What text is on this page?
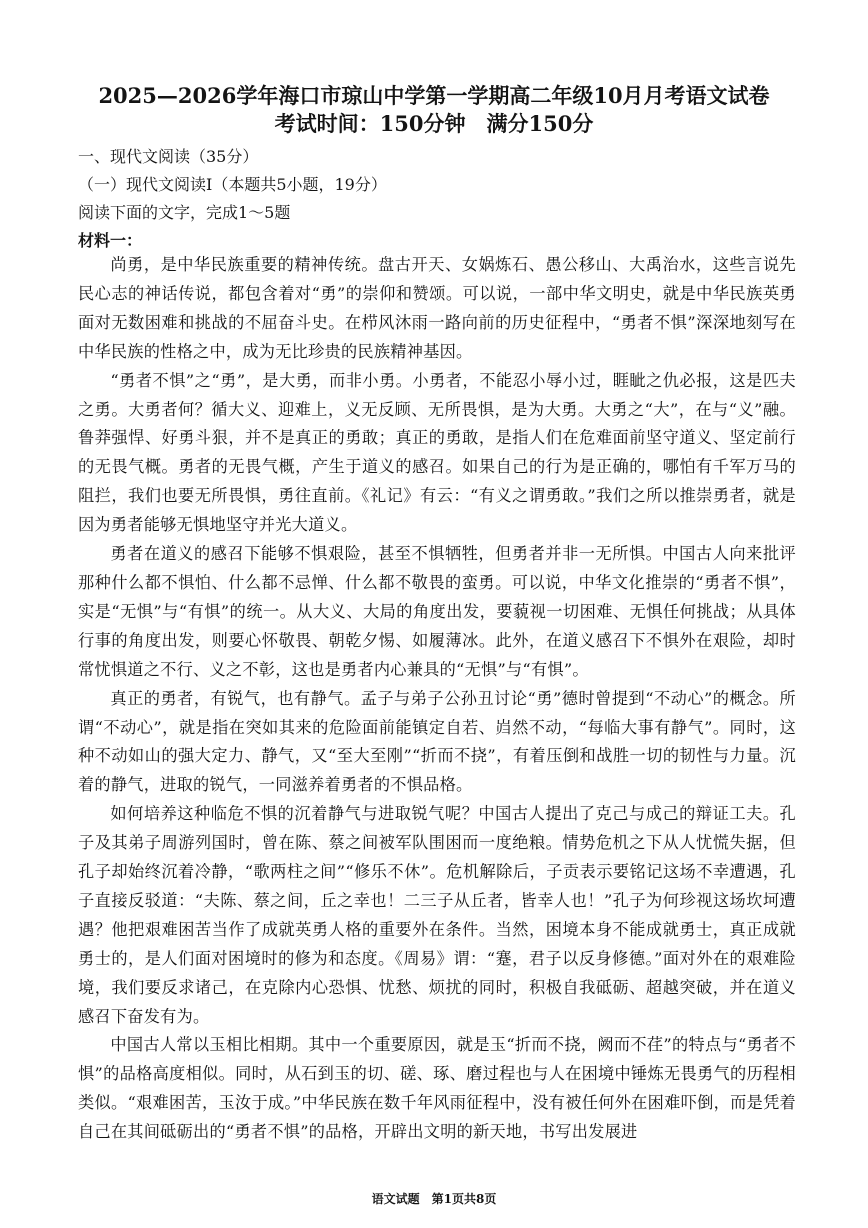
2025—2026学年海口市琼山中学第一学期高二年级10月月考语文试卷
考试时间：150分钟　满分150分
一、现代文阅读（35分）
（一）现代文阅读Ⅰ（本题共5小题，19分）
阅读下面的文字，完成1～5题
材料一：

尚勇，是中华民族重要的精神传统。盘古开天、女娲炼石、愚公移山、大禹治水，这些言说先民心志的神话传说，都包含着对“勇”的崇仰和赞颂。可以说，一部中华文明史，就是中华民族英勇面对无数困难和挑战的不屈奋斗史。在栉风沐雨一路向前的历史征程中，“勇者不惧”深深地刻写在中华民族的性格之中，成为无比珍贵的民族精神基因。

“勇者不惧”之“勇”，是大勇，而非小勇。小勇者，不能忍小辱小过，睚眦之仇必报，这是匹夫之勇。大勇者何？循大义、迎难上，义无反顾、无所畏惧，是为大勇。大勇之“大”，在与“义”融。鲁莽强悍、好勇斗狠，并不是真正的勇敢；真正的勇敢，是指人们在危难面前坚守道义、坚定前行的无畏气概。勇者的无畏气概，产生于道义的感召。如果自己的行为是正确的，哪怕有千军万马的阻拦，我们也要无所畏惧，勇往直前。《礼记》有云：“有义之谓勇敢。”我们之所以推崇勇者，就是因为勇者能够无惧地坚守并光大道义。

勇者在道义的感召下能够不惧艰险，甚至不惧牺牲，但勇者并非一无所惧。中国古人向来批评那种什么都不惧怕、什么都不忌惮、什么都不敬畏的蛮勇。可以说，中华文化推崇的“勇者不惧”，实是“无惧”与“有惧”的统一。从大义、大局的角度出发，要藐视一切困难、无惧任何挑战；从具体行事的角度出发，则要心怀敬畏、朝乾夕惕、如履薄冰。此外，在道义感召下不惧外在艰险，却时常忧惧道之不行、义之不彰，这也是勇者内心兼具的“无惧”与“有惧”。

真正的勇者，有锐气，也有静气。孟子与弟子公孙丑讨论“勇”德时曾提到“不动心”的概念。所谓“不动心”，就是指在突如其来的危险面前能镇定自若、岿然不动，“每临大事有静气”。同时，这种不动如山的强大定力、静气，又“至大至刚”“折而不挠”，有着压倒和战胜一切的韧性与力量。沉着的静气，进取的锐气，一同滋养着勇者的不惧品格。

如何培养这种临危不惧的沉着静气与进取锐气呢？中国古人提出了克己与成己的辩证工夫。孔子及其弟子周游列国时，曾在陈、蔡之间被军队围困而一度绝粮。情势危机之下从人忧慌失据，但孔子却始终沉着冷静，“歌两柱之间”“修乐不休”。危机解除后，子贡表示要铭记这场不幸遭遇，孔子直接反驳道：“夫陈、蔡之间，丘之幸也！二三子从丘者，皆幸人也！”孔子为何珍视这场坎坷遭遇？他把艰难困苦当作了成就英勇人格的重要外在条件。当然，困境本身不能成就勇士，真正成就勇士的，是人们面对困境时的修为和态度。《周易》谓：“蹇，君子以反身修德。”面对外在的艰难险境，我们要反求诸己，在克除内心恐惧、忧愁、烦扰的同时，积极自我砥砺、超越突破，并在道义感召下奋发有为。

中国古人常以玉相比相期。其中一个重要原因，就是玉“折而不挠，阙而不荏”的特点与“勇者不惧”的品格高度相似。同时，从石到玉的切、磋、琢、磨过程也与人在困境中锤炼无畏勇气的历程相类似。“艰难困苦，玉汝于成。”中华民族在数千年风雨征程中，没有被任何外在困难吓倒，而是凭着自己在其间砥砺出的“勇者不惧”的品格，开辟出文明的新天地，书写出发展进

语文试题　第1页共8页
